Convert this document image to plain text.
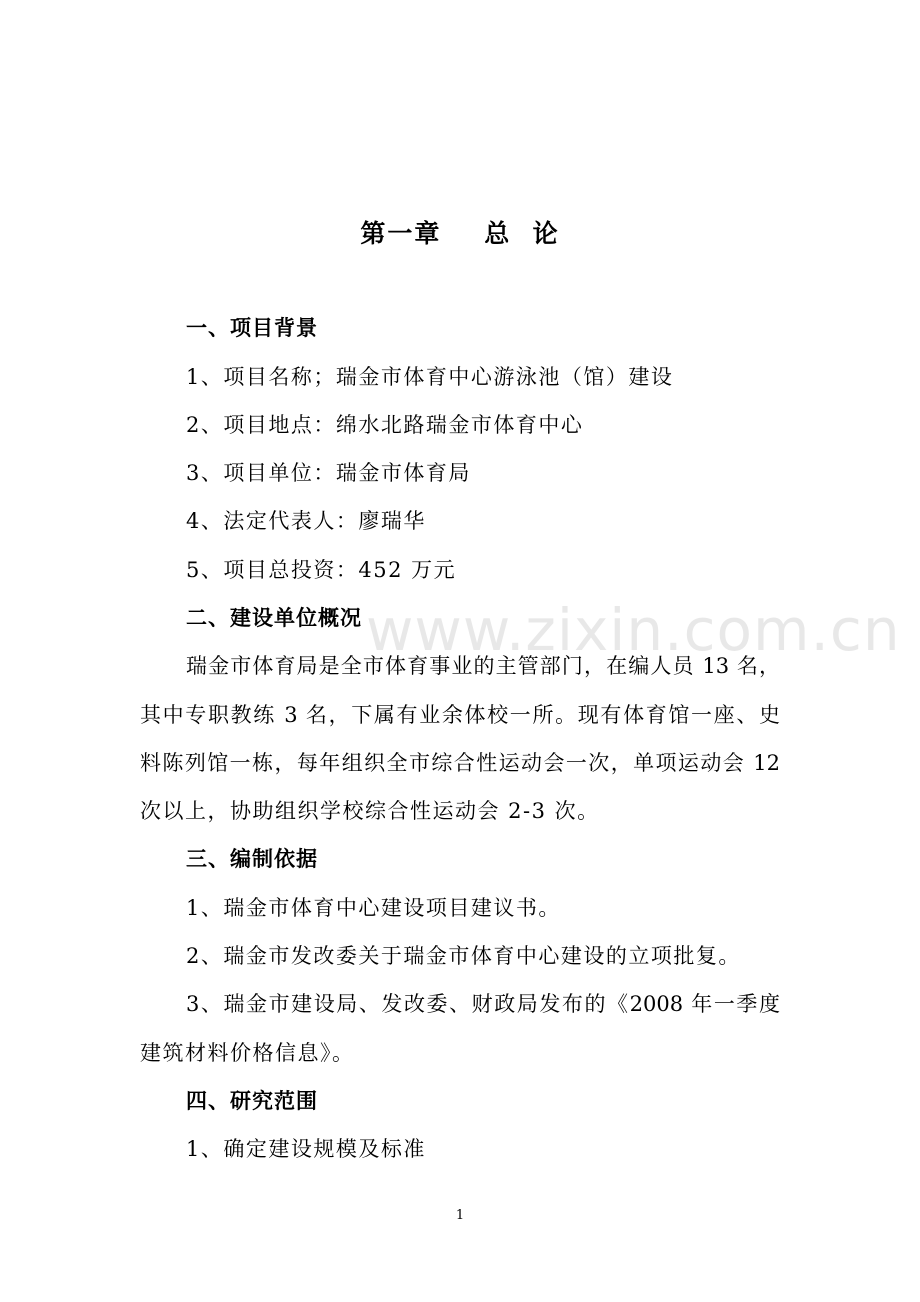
第一章    总  论
一、项目背景
1、项目名称；瑞金市体育中心游泳池（馆）建设
2、项目地点：绵水北路瑞金市体育中心
3、项目单位：瑞金市体育局
4、法定代表人：廖瑞华
5、项目总投资：452 万元
二、建设单位概况
瑞金市体育局是全市体育事业的主管部门，在编人员 13 名，
其中专职教练 3 名，下属有业余体校一所。现有体育馆一座、史
料陈列馆一栋，每年组织全市综合性运动会一次，单项运动会 12
次以上，协助组织学校综合性运动会 2-3 次。
三、编制依据
1、瑞金市体育中心建设项目建议书。
2、瑞金市发改委关于瑞金市体育中心建设的立项批复。
3、瑞金市建设局、发改委、财政局发布的《2008 年一季度
建筑材料价格信息》。
四、研究范围
1、确定建设规模及标准
www.zixin.com.cn
1
